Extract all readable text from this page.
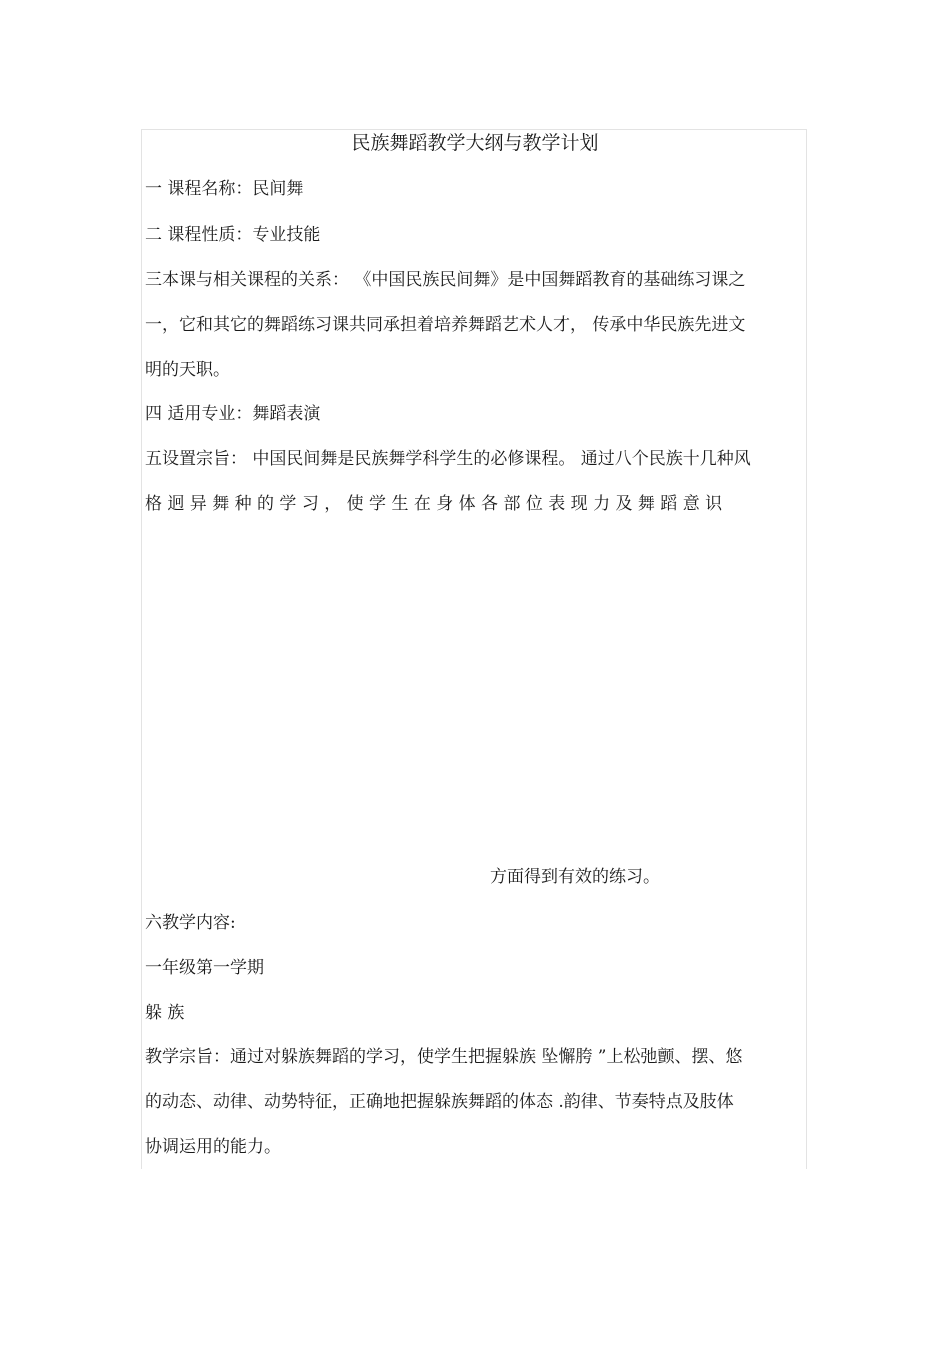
民族舞蹈教学大纲与教学计划
一 课程名称：民间舞
二 课程性质：专业技能
三本课与相关课程的关系： 《中国民族民间舞》是中国舞蹈教育的基础练习课之
一，它和其它的舞蹈练习课共同承担着培养舞蹈艺术人才， 传承中华民族先进文
明的天职。
四 适用专业：舞蹈表演
五设置宗旨： 中国民间舞是民族舞学科学生的必修课程。 通过八个民族十几种风
格 迥 异 舞 种 的 学 习 ， 使 学 生 在 身 体 各 部 位 表 现 力 及 舞 蹈 意 识
方面得到有效的练习。
六教学内容:
一年级第一学期
躲 族
教学宗旨：通过对躲族舞蹈的学习，使学生把握躲族 坠懈胯 ”上松弛颤、摆、悠
的动态、动律、动势特征，正确地把握躲族舞蹈的体态 .韵律、节奏特点及肢体
协调运用的能力。
